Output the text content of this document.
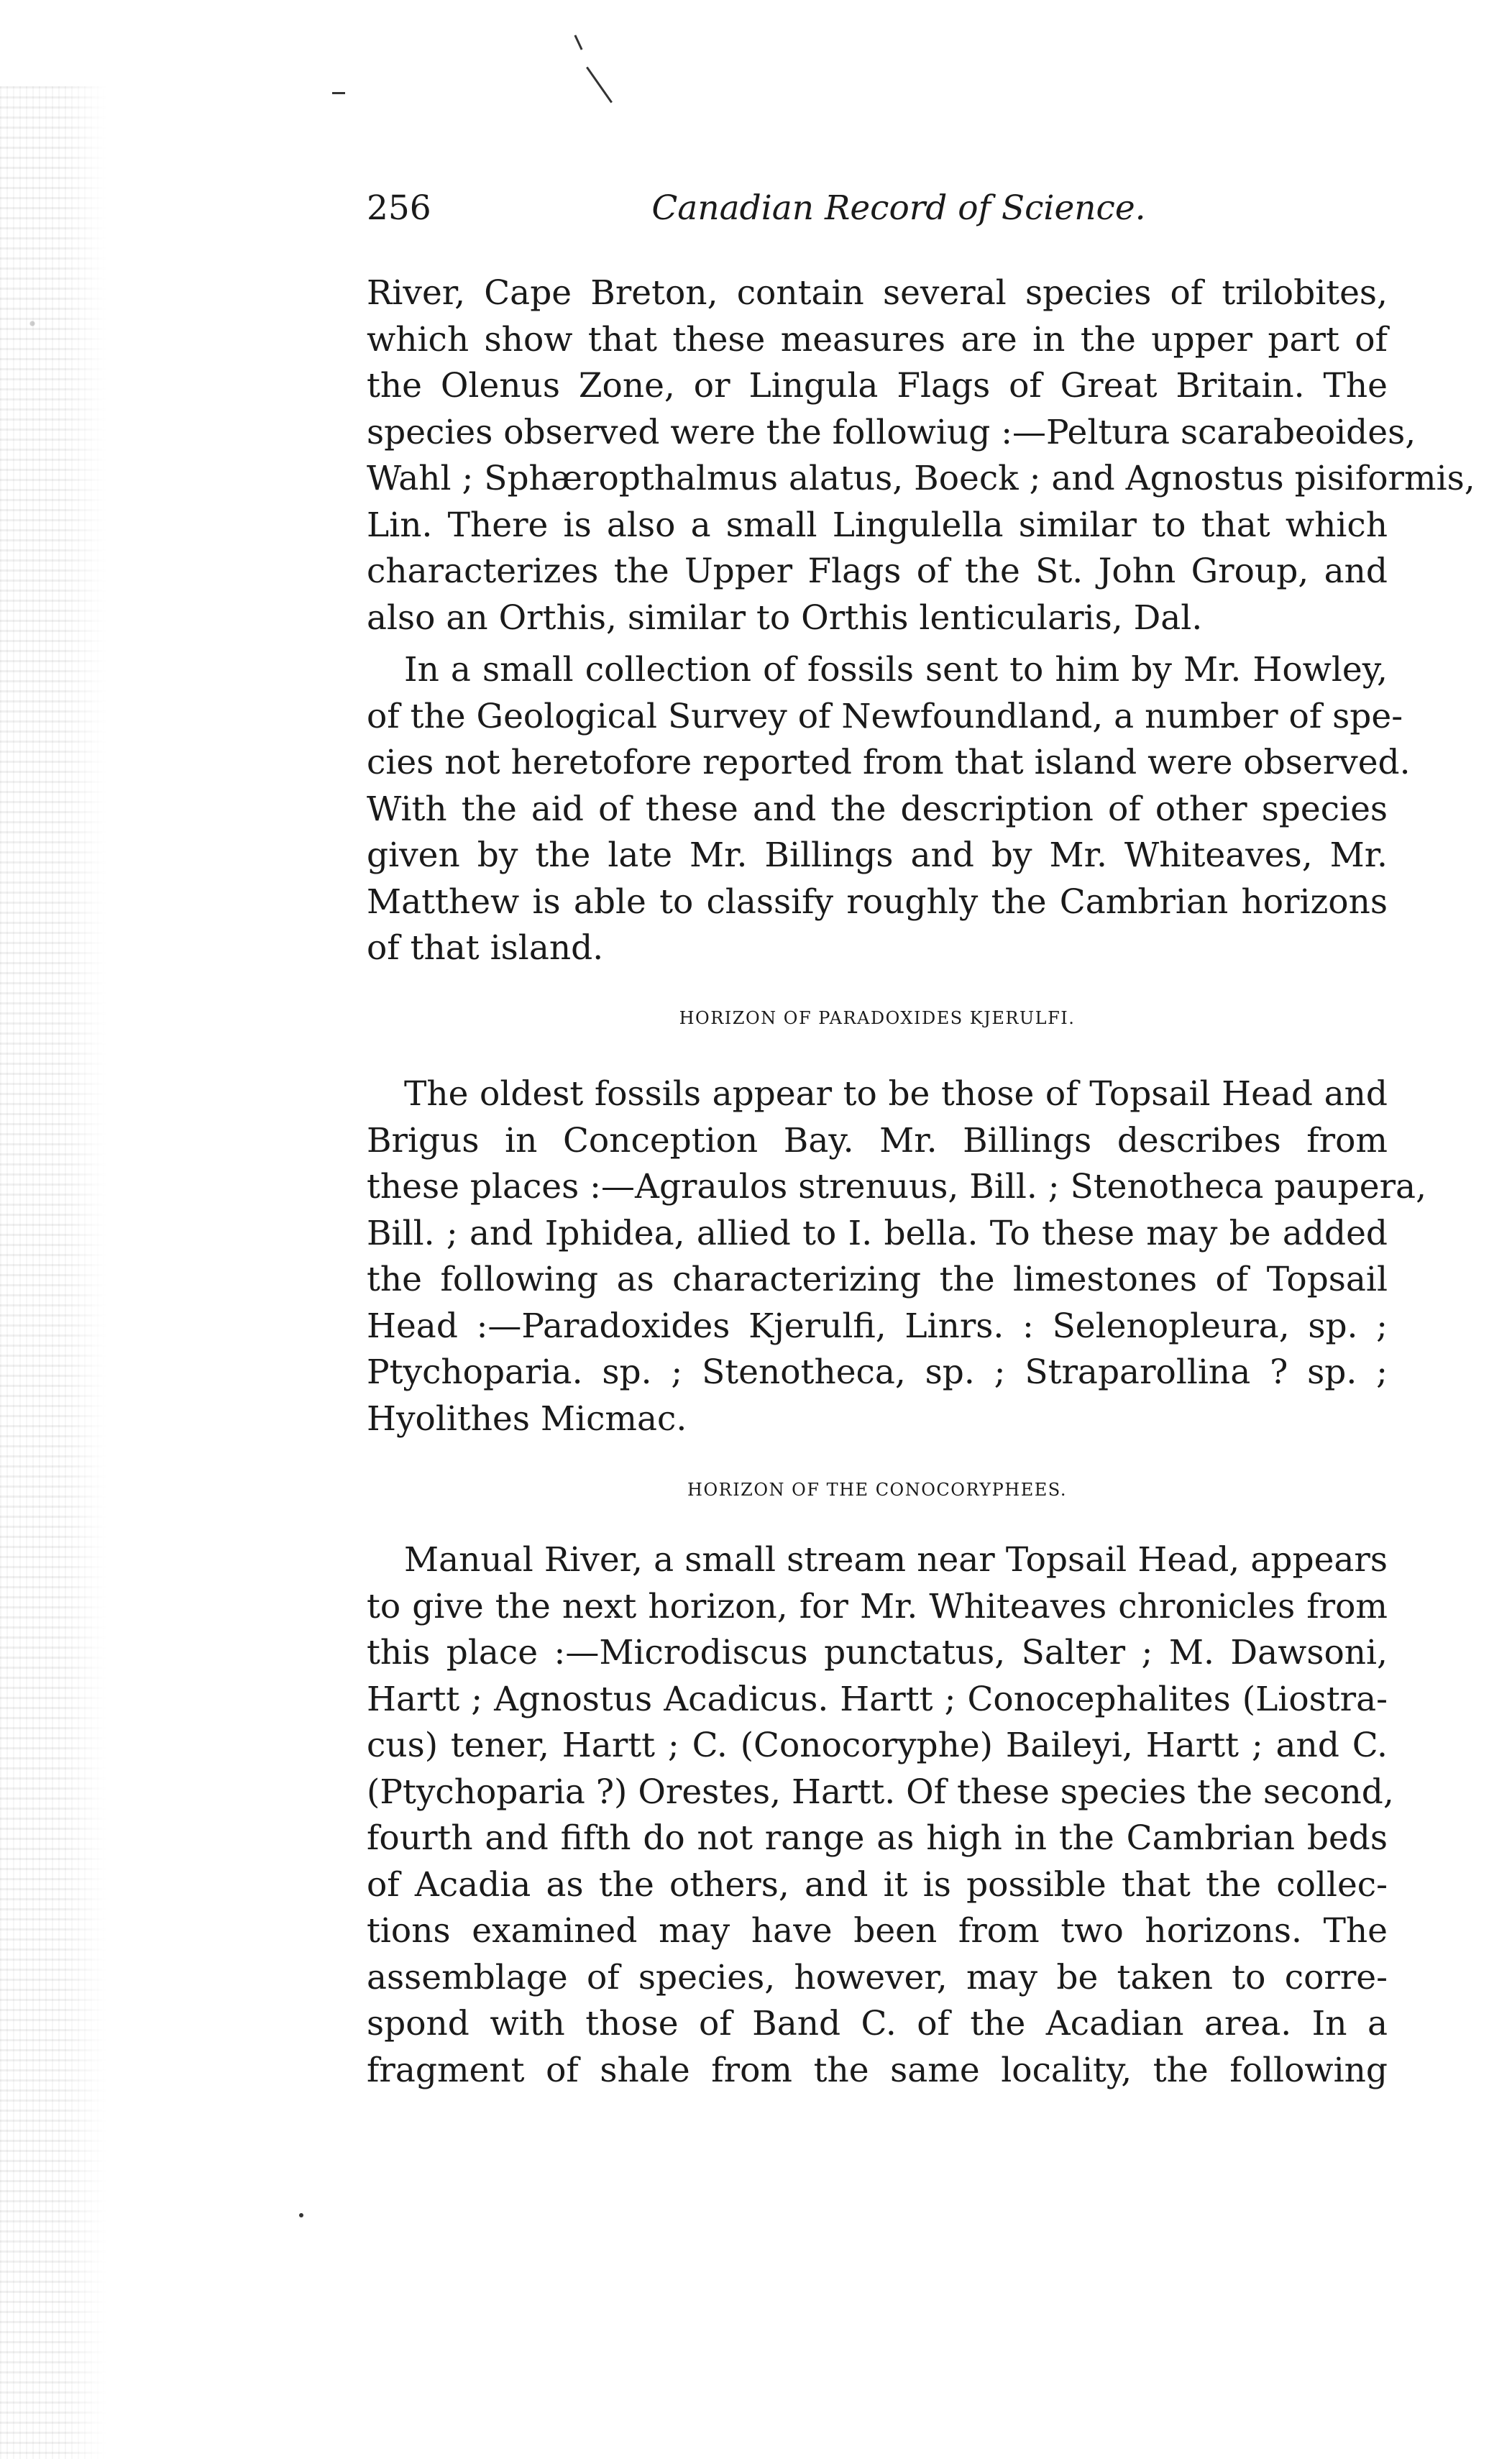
256	Canadian Record of Science.
River, Cape Breton, contain several species of trilobites,
which show that these measures are in the upper part of
the Olenus Zone, or Lingula Flags of Great Britain. The
species observed were the followiug :—Peltura scarabeoides,
Wahl ; Sphæropthalmus alatus, Boeck ; and Agnostus pisiformis,
Lin. There is also a small Lingulella similar to that which
characterizes the Upper Flags of the St. John Group, and
also an Orthis, similar to Orthis lenticularis, Dal.
In a small collection of fossils sent to him by Mr. Howley,
of the Geological Survey of Newfoundland, a number of spe-
cies not heretofore reported from that island were observed.
With the aid of these and the description of other species
given by the late Mr. Billings and by Mr. Whiteaves, Mr.
Matthew is able to classify roughly the Cambrian horizons
of that island.
HORIZON OF PARADOXIDES KJERULFI.
The oldest fossils appear to be those of Topsail Head and
Brigus in Conception Bay. Mr. Billings describes from
these places :—Agraulos strenuus, Bill. ; Stenotheca paupera,
Bill. ; and Iphidea, allied to I. bella. To these may be added
the following as characterizing the limestones of Topsail
Head :—Paradoxides Kjerulfi, Linrs. : Selenopleura, sp. ;
Ptychoparia. sp. ; Stenotheca, sp. ; Straparollina ? sp. ;
Hyolithes Micmac.
HORIZON OF THE CONOCORYPHEES.
Manual River, a small stream near Topsail Head, appears
to give the next horizon, for Mr. Whiteaves chronicles from
this place :—Microdiscus punctatus, Salter ; M. Dawsoni,
Hartt ; Agnostus Acadicus. Hartt ; Conocephalites (Liostra-
cus) tener, Hartt ; C. (Conocoryphe) Baileyi, Hartt ; and C.
(Ptychoparia ?) Orestes, Hartt. Of these species the second,
fourth and fifth do not range as high in the Cambrian beds
of Acadia as the others, and it is possible that the collec-
tions examined may have been from two horizons. The
assemblage of species, however, may be taken to corre-
spond with those of Band C. of the Acadian area. In a
fragment of shale from the same locality, the following
